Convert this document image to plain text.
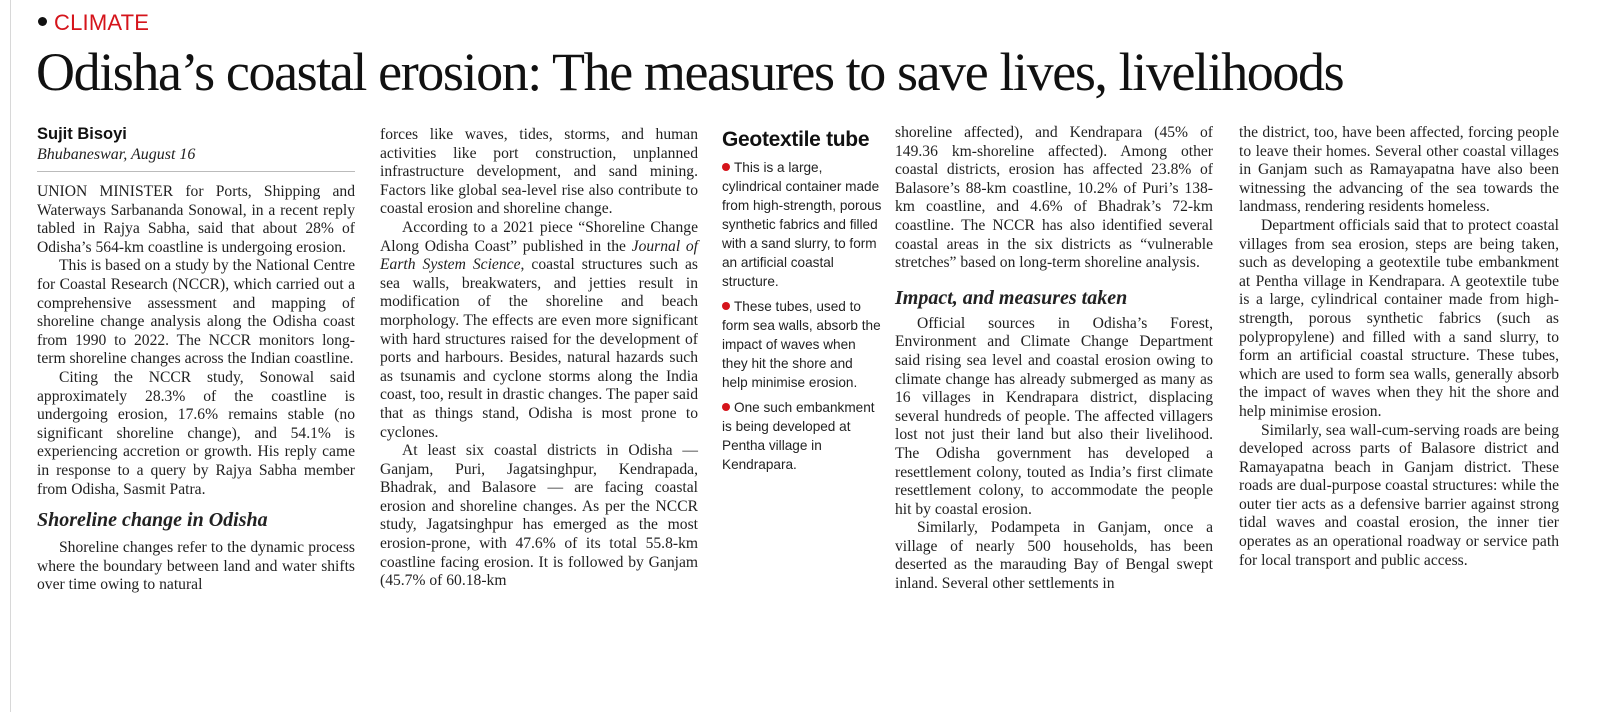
CLIMATE
Odisha’s coastal erosion: The measures to save lives, livelihoods
Sujit Bisoyi
Bhubaneswar, August 16

UNION MINISTER for Ports, Shipping and Waterways Sarbananda Sonowal, in a recent reply tabled in Rajya Sabha, said that about 28% of Odisha’s 564-km coastline is undergoing erosion.

This is based on a study by the National Centre for Coastal Research (NCCR), which carried out a comprehensive assessment and mapping of shoreline change analysis along the Odisha coast from 1990 to 2022. The NCCR monitors long-term shoreline changes across the Indian coastline.

Citing the NCCR study, Sonowal said approximately 28.3% of the coastline is undergoing erosion, 17.6% remains stable (no significant shoreline change), and 54.1% is experiencing accretion or growth. His reply came in response to a query by Rajya Sabha member from Odisha, Sasmit Patra.

Shoreline change in Odisha

Shoreline changes refer to the dynamic process where the boundary between land and water shifts over time owing to natural

forces like waves, tides, storms, and human activities like port construction, unplanned infrastructure development, and sand mining. Factors like global sea-level rise also contribute to coastal erosion and shoreline change.

According to a 2021 piece “Shoreline Change Along Odisha Coast” published in the Journal of Earth System Science, coastal structures such as sea walls, breakwaters, and jetties result in modification of the shoreline and beach morphology. The effects are even more significant with hard structures raised for the development of ports and harbours. Besides, natural hazards such as tsunamis and cyclone storms along the India coast, too, result in drastic changes. The paper said that as things stand, Odisha is most prone to cyclones.

At least six coastal districts in Odisha — Ganjam, Puri, Jagatsinghpur, Kendrapada, Bhadrak, and Balasore — are facing coastal erosion and shoreline changes. As per the NCCR study, Jagatsinghpur has emerged as the most erosion-prone, with 47.6% of its total 55.8-km coastline facing erosion. It is followed by Ganjam (45.7% of 60.18-km

Geotextile tube
This is a large, cylindrical container made from high-strength, porous synthetic fabrics and filled with a sand slurry, to form an artificial coastal structure.
These tubes, used to form sea walls, absorb the impact of waves when they hit the shore and help minimise erosion.
One such embankment is being developed at Pentha village in Kendrapara.

shoreline affected), and Kendrapara (45% of 149.36 km-shoreline affected). Among other coastal districts, erosion has affected 23.8% of Balasore’s 88-km coastline, 10.2% of Puri’s 138-km coastline, and 4.6% of Bhadrak’s 72-km coastline. The NCCR has also identified several coastal areas in the six districts as “vulnerable stretches” based on long-term shoreline analysis.

Impact, and measures taken

Official sources in Odisha’s Forest, Environment and Climate Change Department said rising sea level and coastal erosion owing to climate change has already submerged as many as 16 villages in Kendrapara district, displacing several hundreds of people. The affected villagers lost not just their land but also their livelihood. The Odisha government has developed a resettlement colony, touted as India’s first climate resettlement colony, to accommodate the people hit by coastal erosion.

Similarly, Podampeta in Ganjam, once a village of nearly 500 households, has been deserted as the marauding Bay of Bengal swept inland. Several other settlements in

the district, too, have been affected, forcing people to leave their homes. Several other coastal villages in Ganjam such as Ramayapatna have also been witnessing the advancing of the sea towards the landmass, rendering residents homeless.

Department officials said that to protect coastal villages from sea erosion, steps are being taken, such as developing a geotextile tube embankment at Pentha village in Kendrapara. A geotextile tube is a large, cylindrical container made from high-strength, porous synthetic fabrics (such as polypropylene) and filled with a sand slurry, to form an artificial coastal structure. These tubes, which are used to form sea walls, generally absorb the impact of waves when they hit the shore and help minimise erosion.

Similarly, sea wall-cum-serving roads are being developed across parts of Balasore district and Ramayapatna beach in Ganjam district. These roads are dual-purpose coastal structures: while the outer tier acts as a defensive barrier against strong tidal waves and coastal erosion, the inner tier operates as an operational roadway or service path for local transport and public access.
